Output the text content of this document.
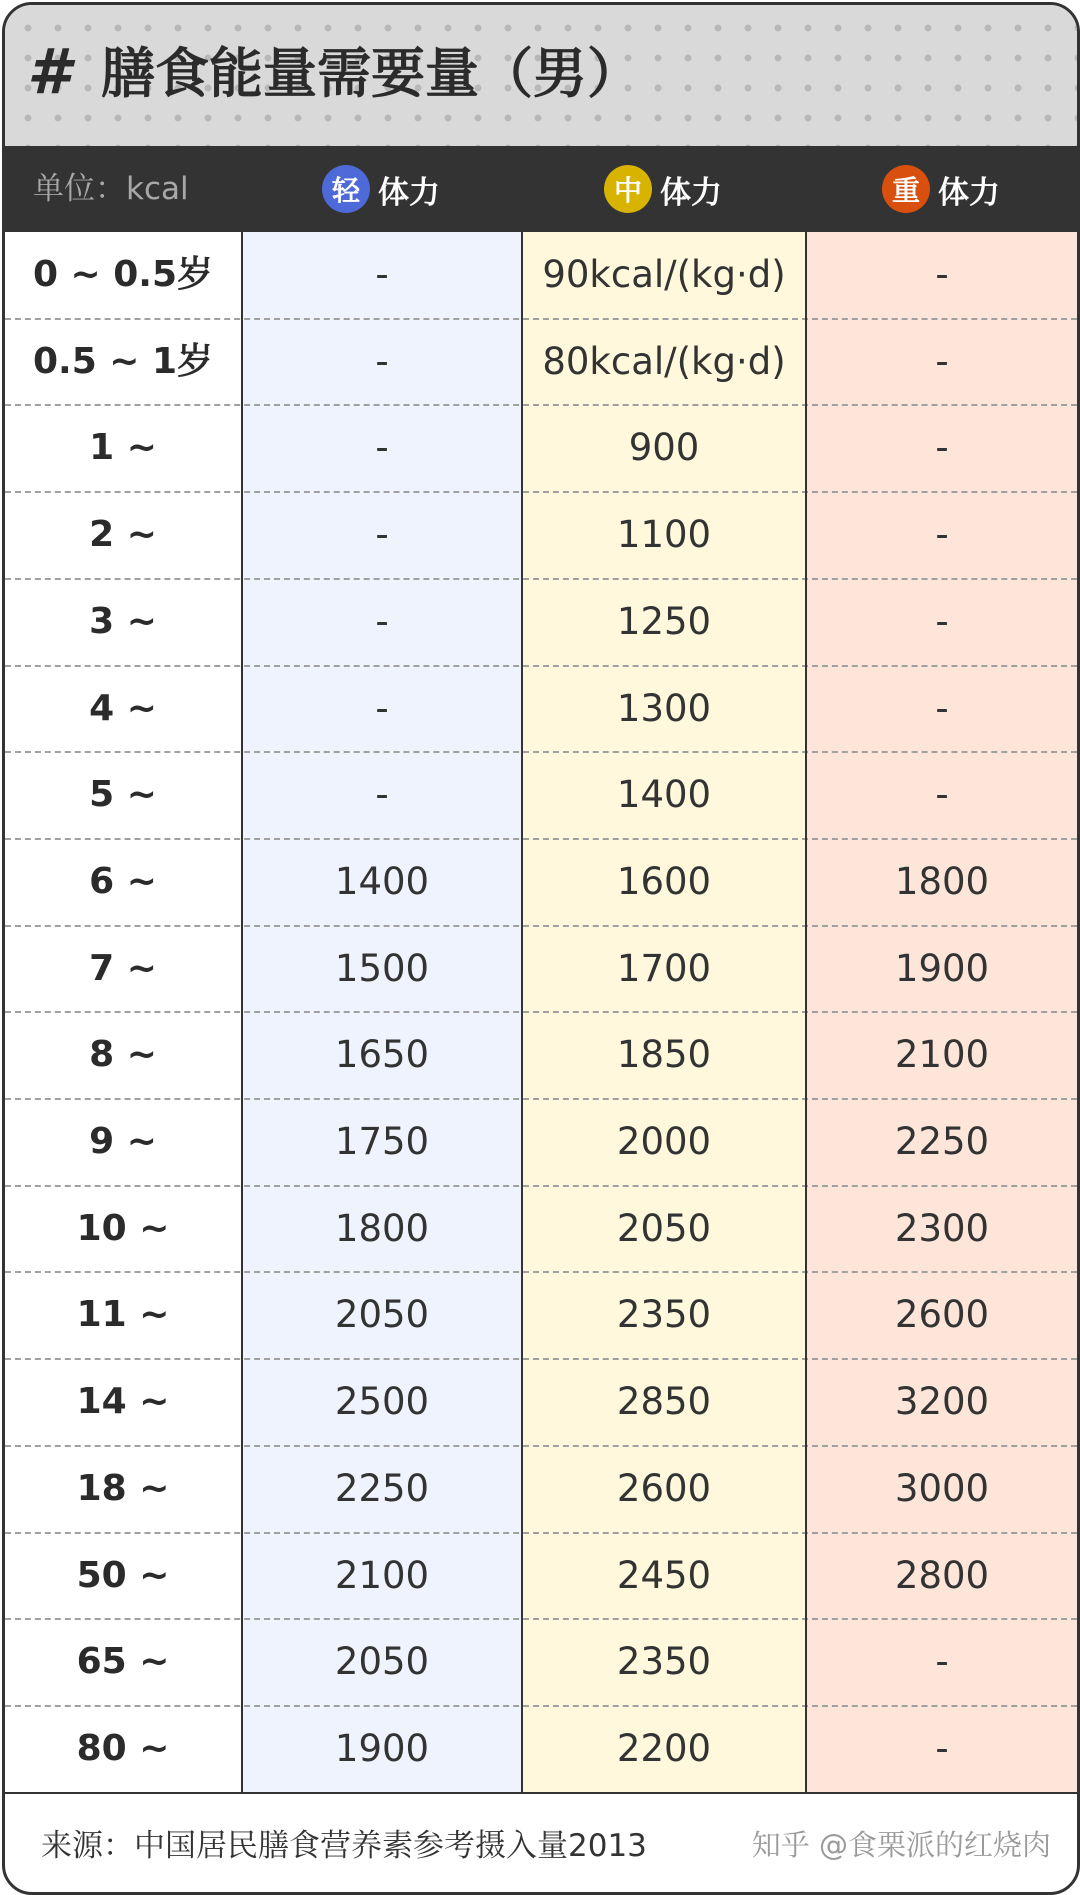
# 膳食能量需要量（男）
单位：kcal	轻 体力	中 体力	重 体力
0 ~ 0.5岁	-	90kcal/(kg·d)	-
0.5 ~ 1岁	-	80kcal/(kg·d)	-
1 ~	-	900	-
2 ~	-	1100	-
3 ~	-	1250	-
4 ~	-	1300	-
5 ~	-	1400	-
6 ~	1400	1600	1800
7 ~	1500	1700	1900
8 ~	1650	1850	2100
9 ~	1750	2000	2250
10 ~	1800	2050	2300
11 ~	2050	2350	2600
14 ~	2500	2850	3200
18 ~	2250	2600	3000
50 ~	2100	2450	2800
65 ~	2050	2350	-
80 ~	1900	2200	-
来源：中国居民膳食营养素参考摄入量2013	知乎 @食栗派的红烧肉
